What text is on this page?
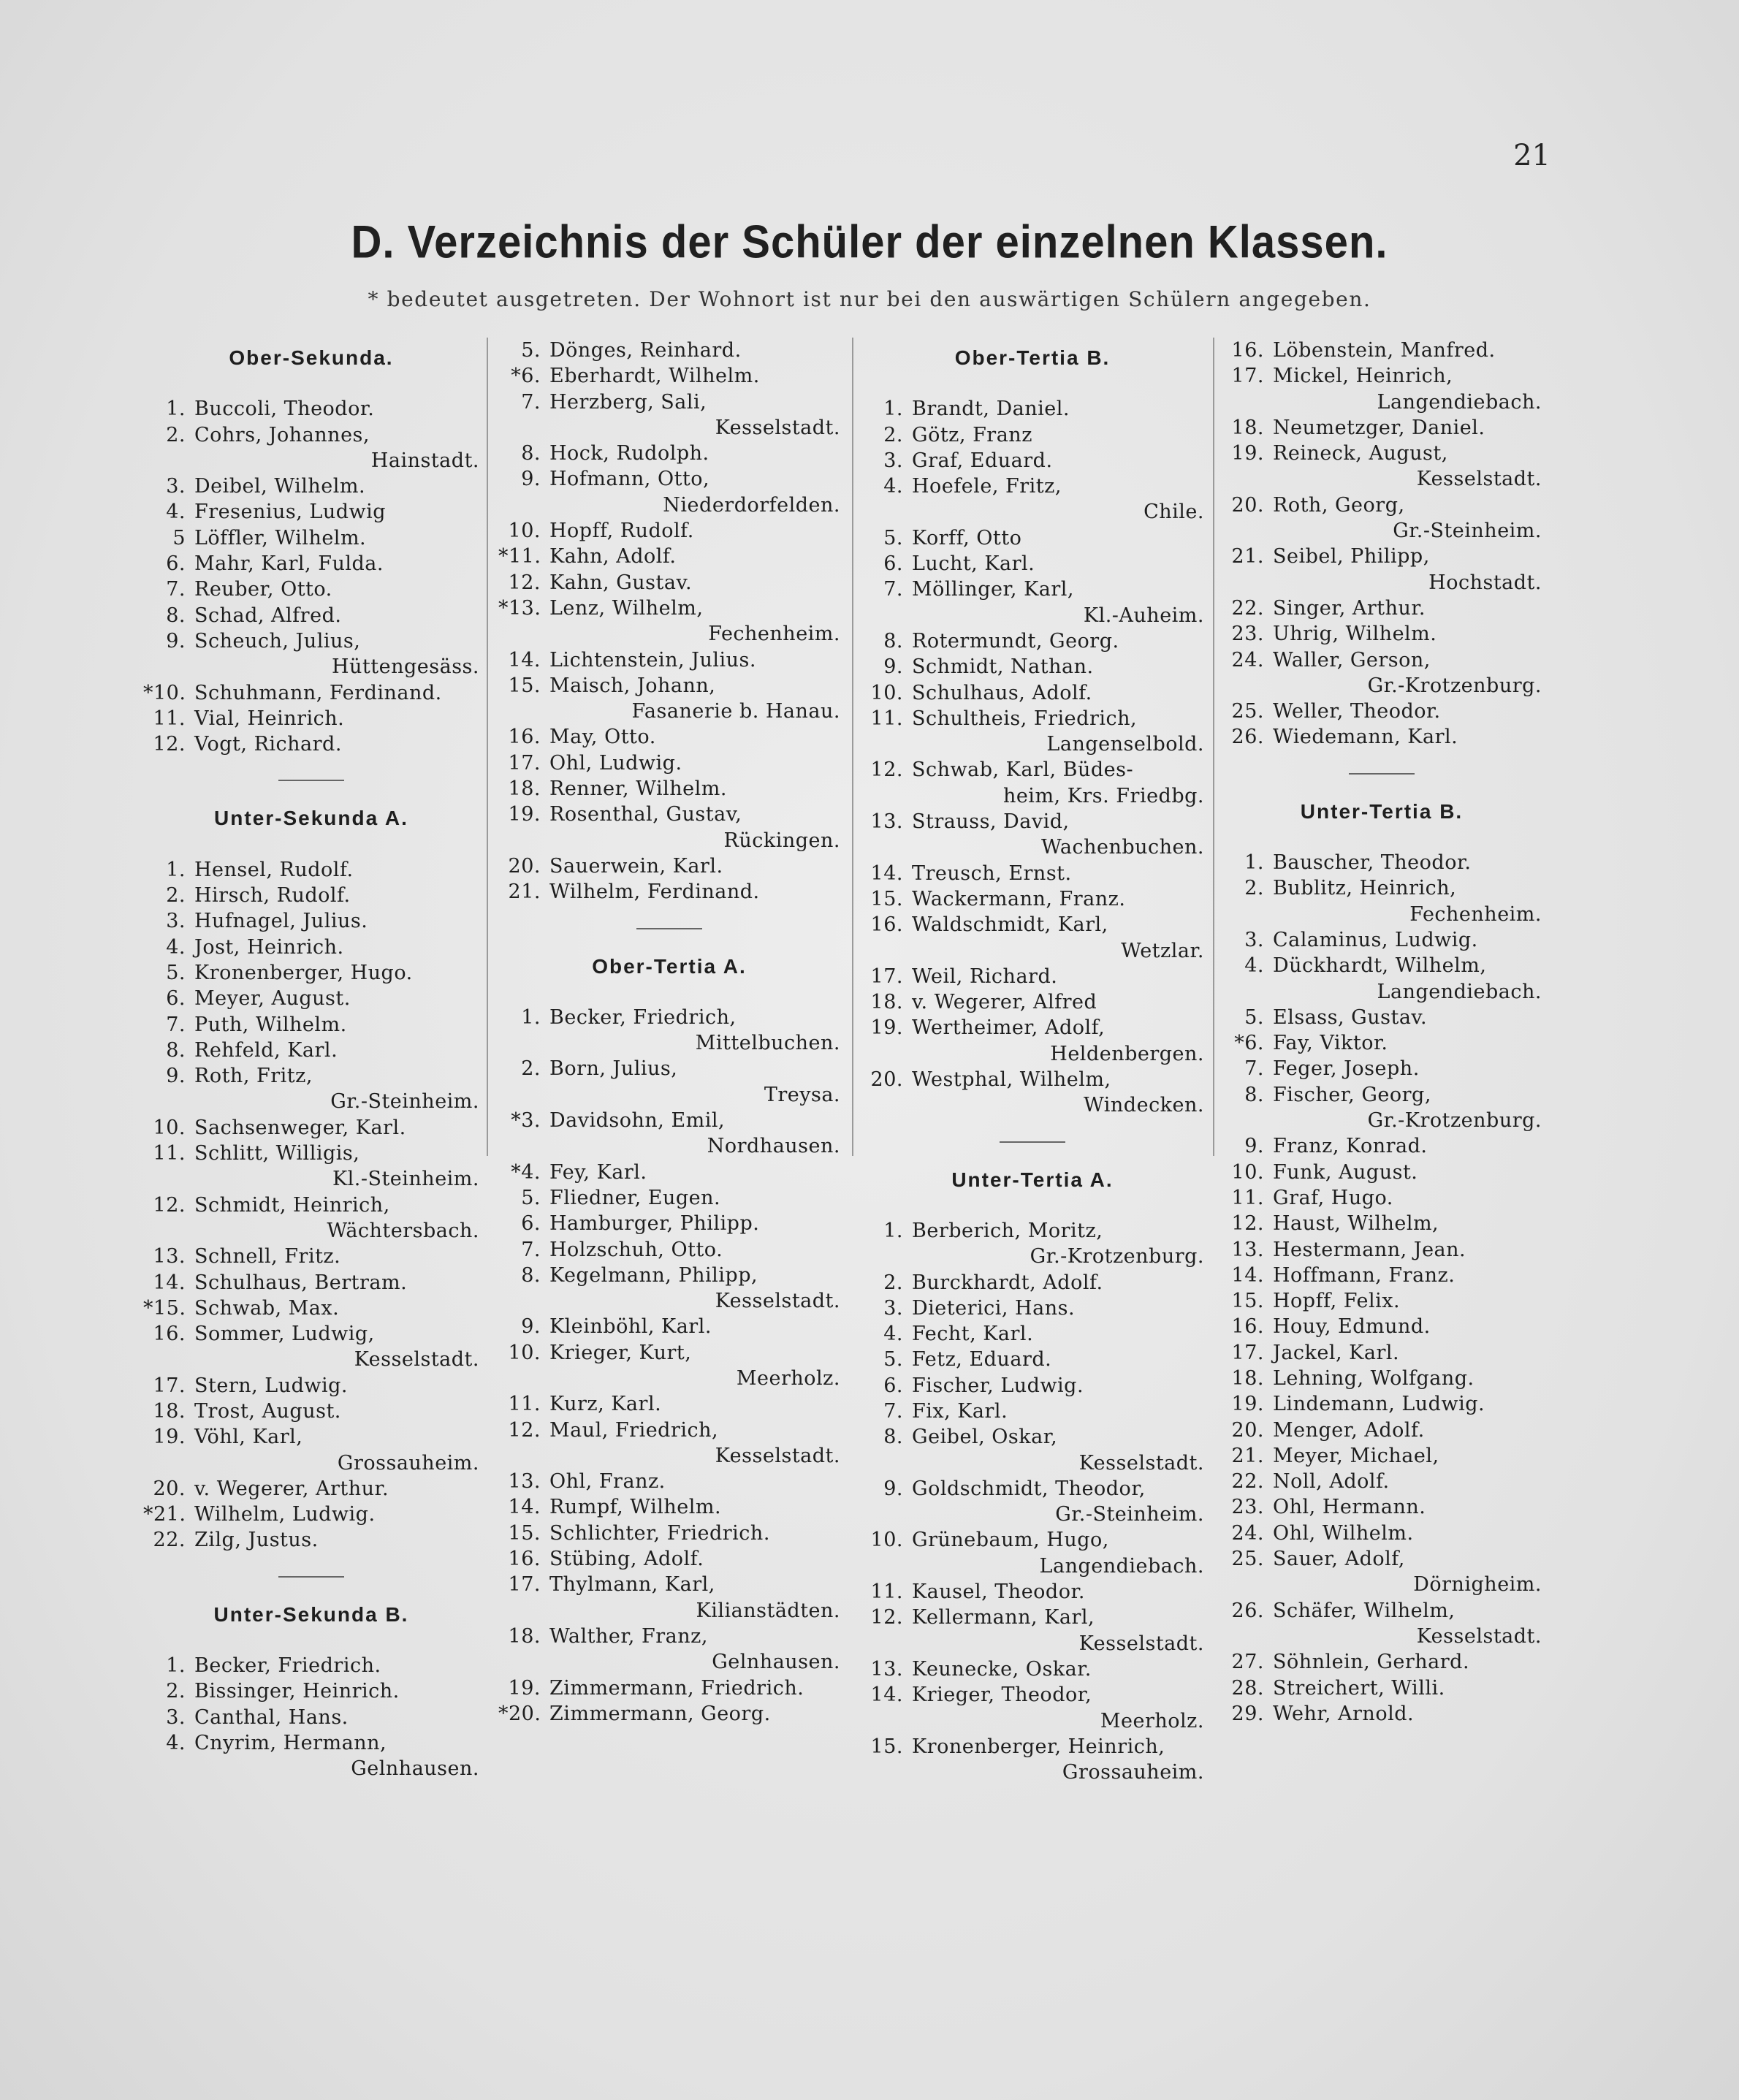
21
D. Verzeichnis der Schüler der einzelnen Klassen.
* bedeutet ausgetreten. Der Wohnort ist nur bei den auswärtigen Schülern angegeben.
Ober-Sekunda.
1. Buccoli, Theodor.
2. Cohrs, Johannes,
Hainstadt.
3. Deibel, Wilhelm.
4. Fresenius, Ludwig
5 Löffler, Wilhelm.
6. Mahr, Karl, Fulda.
7. Reuber, Otto.
8. Schad, Alfred.
9. Scheuch, Julius,
Hüttengesäss.
*10. Schuhmann, Ferdinand.
11. Vial, Heinrich.
12. Vogt, Richard.
Unter-Sekunda A.
1. Hensel, Rudolf.
2. Hirsch, Rudolf.
3. Hufnagel, Julius.
4. Jost, Heinrich.
5. Kronenberger, Hugo.
6. Meyer, August.
7. Puth, Wilhelm.
8. Rehfeld, Karl.
9. Roth, Fritz,
Gr.-Steinheim.
10. Sachsenweger, Karl.
11. Schlitt, Willigis,
Kl.-Steinheim.
12. Schmidt, Heinrich,
Wächtersbach.
13. Schnell, Fritz.
14. Schulhaus, Bertram.
*15. Schwab, Max.
16. Sommer, Ludwig,
Kesselstadt.
17. Stern, Ludwig.
18. Trost, August.
19. Vöhl, Karl,
Grossauheim.
20. v. Wegerer, Arthur.
*21. Wilhelm, Ludwig.
22. Zilg, Justus.
Unter-Sekunda B.
1. Becker, Friedrich.
2. Bissinger, Heinrich.
3. Canthal, Hans.
4. Cnyrim, Hermann,
Gelnhausen.
5. Dönges, Reinhard.
*6. Eberhardt, Wilhelm.
7. Herzberg, Sali,
Kesselstadt.
8. Hock, Rudolph.
9. Hofmann, Otto,
Niederdorfelden.
10. Hopff, Rudolf.
*11. Kahn, Adolf.
12. Kahn, Gustav.
*13. Lenz, Wilhelm,
Fechenheim.
14. Lichtenstein, Julius.
15. Maisch, Johann,
Fasanerie b. Hanau.
16. May, Otto.
17. Ohl, Ludwig.
18. Renner, Wilhelm.
19. Rosenthal, Gustav,
Rückingen.
20. Sauerwein, Karl.
21. Wilhelm, Ferdinand.
Ober-Tertia A.
1. Becker, Friedrich,
Mittelbuchen.
2. Born, Julius,
Treysa.
*3. Davidsohn, Emil,
Nordhausen.
*4. Fey, Karl.
5. Fliedner, Eugen.
6. Hamburger, Philipp.
7. Holzschuh, Otto.
8. Kegelmann, Philipp,
Kesselstadt.
9. Kleinböhl, Karl.
10. Krieger, Kurt,
Meerholz.
11. Kurz, Karl.
12. Maul, Friedrich,
Kesselstadt.
13. Ohl, Franz.
14. Rumpf, Wilhelm.
15. Schlichter, Friedrich.
16. Stübing, Adolf.
17. Thylmann, Karl,
Kilianstädten.
18. Walther, Franz,
Gelnhausen.
19. Zimmermann, Friedrich.
*20. Zimmermann, Georg.
Ober-Tertia B.
1. Brandt, Daniel.
2. Götz, Franz
3. Graf, Eduard.
4. Hoefele, Fritz,
Chile.
5. Korff, Otto
6. Lucht, Karl.
7. Möllinger, Karl,
Kl.-Auheim.
8. Rotermundt, Georg.
9. Schmidt, Nathan.
10. Schulhaus, Adolf.
11. Schultheis, Friedrich,
Langenselbold.
12. Schwab, Karl, Büdes-
heim, Krs. Friedbg.
13. Strauss, David,
Wachenbuchen.
14. Treusch, Ernst.
15. Wackermann, Franz.
16. Waldschmidt, Karl,
Wetzlar.
17. Weil, Richard.
18. v. Wegerer, Alfred
19. Wertheimer, Adolf,
Heldenbergen.
20. Westphal, Wilhelm,
Windecken.
Unter-Tertia A.
1. Berberich, Moritz,
Gr.-Krotzenburg.
2. Burckhardt, Adolf.
3. Dieterici, Hans.
4. Fecht, Karl.
5. Fetz, Eduard.
6. Fischer, Ludwig.
7. Fix, Karl.
8. Geibel, Oskar,
Kesselstadt.
9. Goldschmidt, Theodor,
Gr.-Steinheim.
10. Grünebaum, Hugo,
Langendiebach.
11. Kausel, Theodor.
12. Kellermann, Karl,
Kesselstadt.
13. Keunecke, Oskar.
14. Krieger, Theodor,
Meerholz.
15. Kronenberger, Heinrich,
Grossauheim.
16. Löbenstein, Manfred.
17. Mickel, Heinrich,
Langendiebach.
18. Neumetzger, Daniel.
19. Reineck, August,
Kesselstadt.
20. Roth, Georg,
Gr.-Steinheim.
21. Seibel, Philipp,
Hochstadt.
22. Singer, Arthur.
23. Uhrig, Wilhelm.
24. Waller, Gerson,
Gr.-Krotzenburg.
25. Weller, Theodor.
26. Wiedemann, Karl.
Unter-Tertia B.
1. Bauscher, Theodor.
2. Bublitz, Heinrich,
Fechenheim.
3. Calaminus, Ludwig.
4. Dückhardt, Wilhelm,
Langendiebach.
5. Elsass, Gustav.
*6. Fay, Viktor.
7. Feger, Joseph.
8. Fischer, Georg,
Gr.-Krotzenburg.
9. Franz, Konrad.
10. Funk, August.
11. Graf, Hugo.
12. Haust, Wilhelm,
13. Hestermann, Jean.
14. Hoffmann, Franz.
15. Hopff, Felix.
16. Houy, Edmund.
17. Jackel, Karl.
18. Lehning, Wolfgang.
19. Lindemann, Ludwig.
20. Menger, Adolf.
21. Meyer, Michael,
22. Noll, Adolf.
23. Ohl, Hermann.
24. Ohl, Wilhelm.
25. Sauer, Adolf,
Dörnigheim.
26. Schäfer, Wilhelm,
Kesselstadt.
27. Söhnlein, Gerhard.
28. Streichert, Willi.
29. Wehr, Arnold.
